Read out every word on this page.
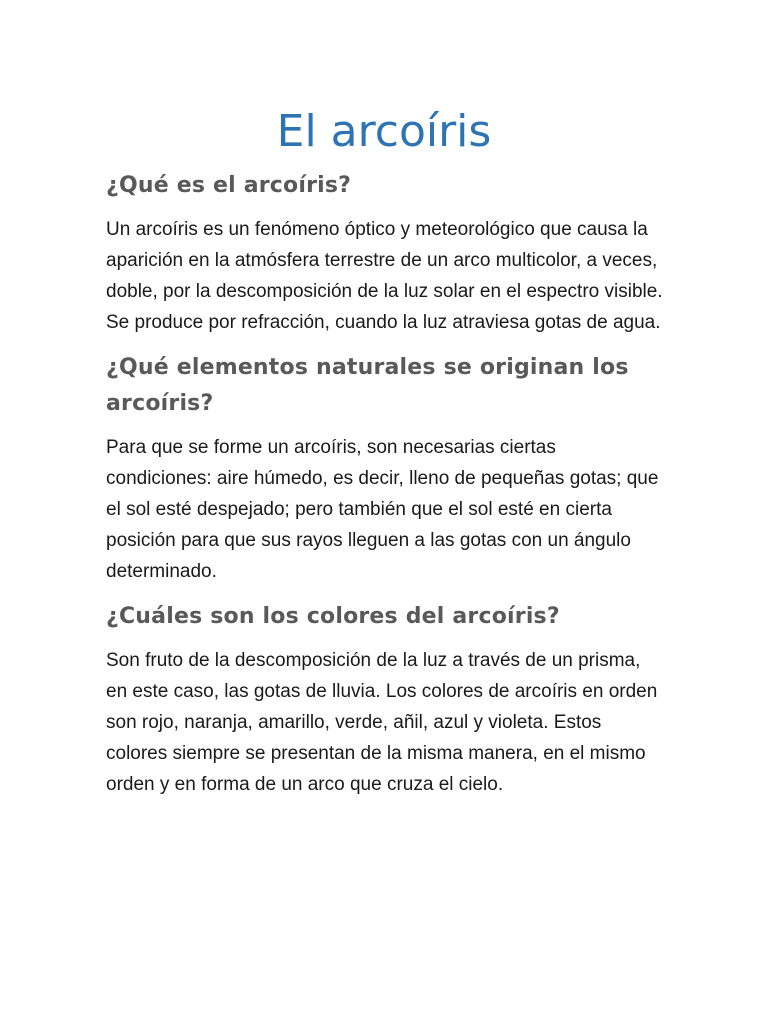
El arcoíris
¿Qué es el arcoíris?

Un arcoíris es un fenómeno óptico y meteorológico que causa la aparición en la atmósfera terrestre de un arco multicolor, a veces, doble, por la descomposición de la luz solar en el espectro visible. Se produce por refracción, cuando la luz atraviesa gotas de agua.

¿Qué elementos naturales se originan los arcoíris?

Para que se forme un arcoíris, son necesarias ciertas condiciones: aire húmedo, es decir, lleno de pequeñas gotas; que el sol esté despejado; pero también que el sol esté en cierta posición para que sus rayos lleguen a las gotas con un ángulo determinado.

¿Cuáles son los colores del arcoíris?

Son fruto de la descomposición de la luz a través de un prisma, en este caso, las gotas de lluvia. Los colores de arcoíris en orden son rojo, naranja, amarillo, verde, añil, azul y violeta. Estos colores siempre se presentan de la misma manera, en el mismo orden y en forma de un arco que cruza el cielo.
